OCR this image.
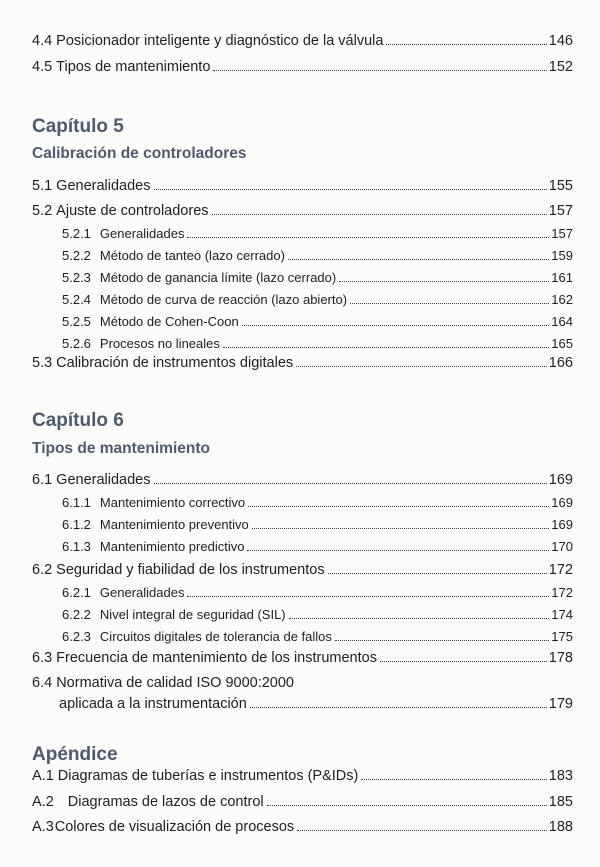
4.4 Posicionador inteligente y diagnóstico de la válvula	146
4.5 Tipos de mantenimiento	152
Capítulo 5
Calibración de controladores
5.1 Generalidades	155
5.2 Ajuste de controladores	157
5.2.1 Generalidades	157
5.2.2 Método de tanteo (lazo cerrado)	159
5.2.3 Método de ganancia límite (lazo cerrado)	161
5.2.4 Método de curva de reacción (lazo abierto)	162
5.2.5 Método de Cohen-Coon	164
5.2.6 Procesos no lineales	165
5.3 Calibración de instrumentos digitales	166
Capítulo 6
Tipos de mantenimiento
6.1 Generalidades	169
6.1.1 Mantenimiento correctivo	169
6.1.2 Mantenimiento preventivo	169
6.1.3 Mantenimiento predictivo	170
6.2 Seguridad y fiabilidad de los instrumentos	172
6.2.1 Generalidades	172
6.2.2 Nivel integral de seguridad (SIL)	174
6.2.3 Circuitos digitales de tolerancia de fallos	175
6.3 Frecuencia de mantenimiento de los instrumentos	178
6.4 Normativa de calidad ISO 9000:2000
aplicada a la instrumentación	179
Apéndice
A.1 Diagramas de tuberías e instrumentos (P&IDs)	183
A.2 Diagramas de lazos de control	185
A.3 Colores de visualización de procesos	188
